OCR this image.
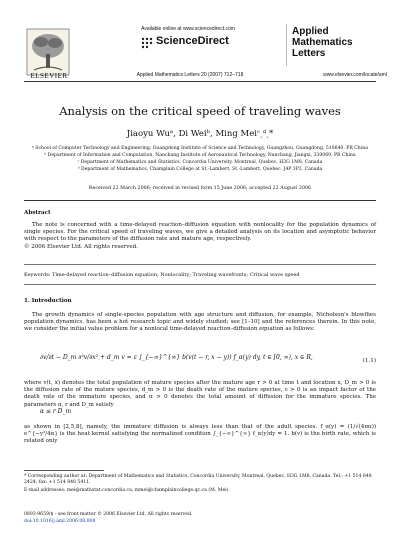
ELSEVIER
Available online at www.sciencedirect.com
ScienceDirect
Applied Mathematics Letters 20 (2007) 712–718
Applied
Mathematics
Letters
www.elsevier.com/locate/aml
Analysis on the critical speed of traveling waves
Jiaoyu Wuᵃ, Di Weiᵇ, Ming Meiᶜˎᵈˎ*
ᵃ School of Computer Technology and Engineering, Guangdong Institute of Science and Technology, Guangzhou, Guangdong, 510640, PR China
ᵇ Department of Information and Computation, Nanchang Institute of Aeronautical Technology, Nanchang, Jiangxi, 330069, PR China
ᶜ Department of Mathematics and Statistics, Concordia University, Montreal, Quebec, H3G 1M8, Canada
ᵈ Department of Mathematics, Champlain College at St.-Lambert, St.-Lambert, Quebec, J4P 3P2, Canada
Received 22 March 2006; received in revised form 15 June 2006; accepted 22 August 2006
Abstract
The note is concerned with a time-delayed reaction–diffusion equation with nonlocality for the population dynamics of single species. For the critical speed of traveling waves, we give a detailed analysis on its location and asymptotic behavior with respect to the parameters of the diffusion rate and mature age, respectively.
© 2006 Elsevier Ltd. All rights reserved.
Keywords: Time-delayed reaction–diffusion equation; Nonlocality; Traveling wavefronts; Critical wave speed
1. Introduction
The growth dynamics of single-species population with age structure and diffusion, for example, Nicholson's blowflies population dynamics, has been a hot research topic and widely studied; see [1–10] and the references therein. In this note, we consider the initial value problem for a nonlocal time-delayed reaction–diffusion equation as follows:
∂v/∂t − D_m ∂²v/∂x² + d_m v = ε ∫_{−∞}^{∞} b(v(t − r, x − y)) f_α(y) dy, t ∈ [0, ∞), x ∈ R,	(1.1)
where v(t, x) denotes the total population of mature species after the mature age r > 0 at time t and location x, D_m > 0 is the diffusion rate of the mature species, d_m > 0 is the death rate of the mature species, ε > 0 is an impact factor of the death rate of the immature species, and α > 0 denotes the total amount of diffusion for the immature species. The parameters α, r and D_m satisfy
α ≤ r D_m
as shown in [2,5,8], namely, the immature diffusion is always less than that of the adult species. f_α(y) = (1/√(4πα)) e^{−y²/4α} is the heat kernel satisfying the normalized condition ∫_{−∞}^{∞} f_α(y)dy = 1. b(v) is the birth rate, which is related only
* Corresponding author at: Department of Mathematics and Statistics, Concordia University, Montreal, Quebec, H3G 1M8, Canada. Tel.: +1 514 848 2424; fax: +1 514 848 5411.
E-mail addresses: mei@mathstat.concordia.ca, mmei@champlaincollege.qc.ca (M. Mei).
0893-9659/$ - see front matter © 2006 Elsevier Ltd. All rights reserved.
doi:10.1016/j.aml.2006.08.008
